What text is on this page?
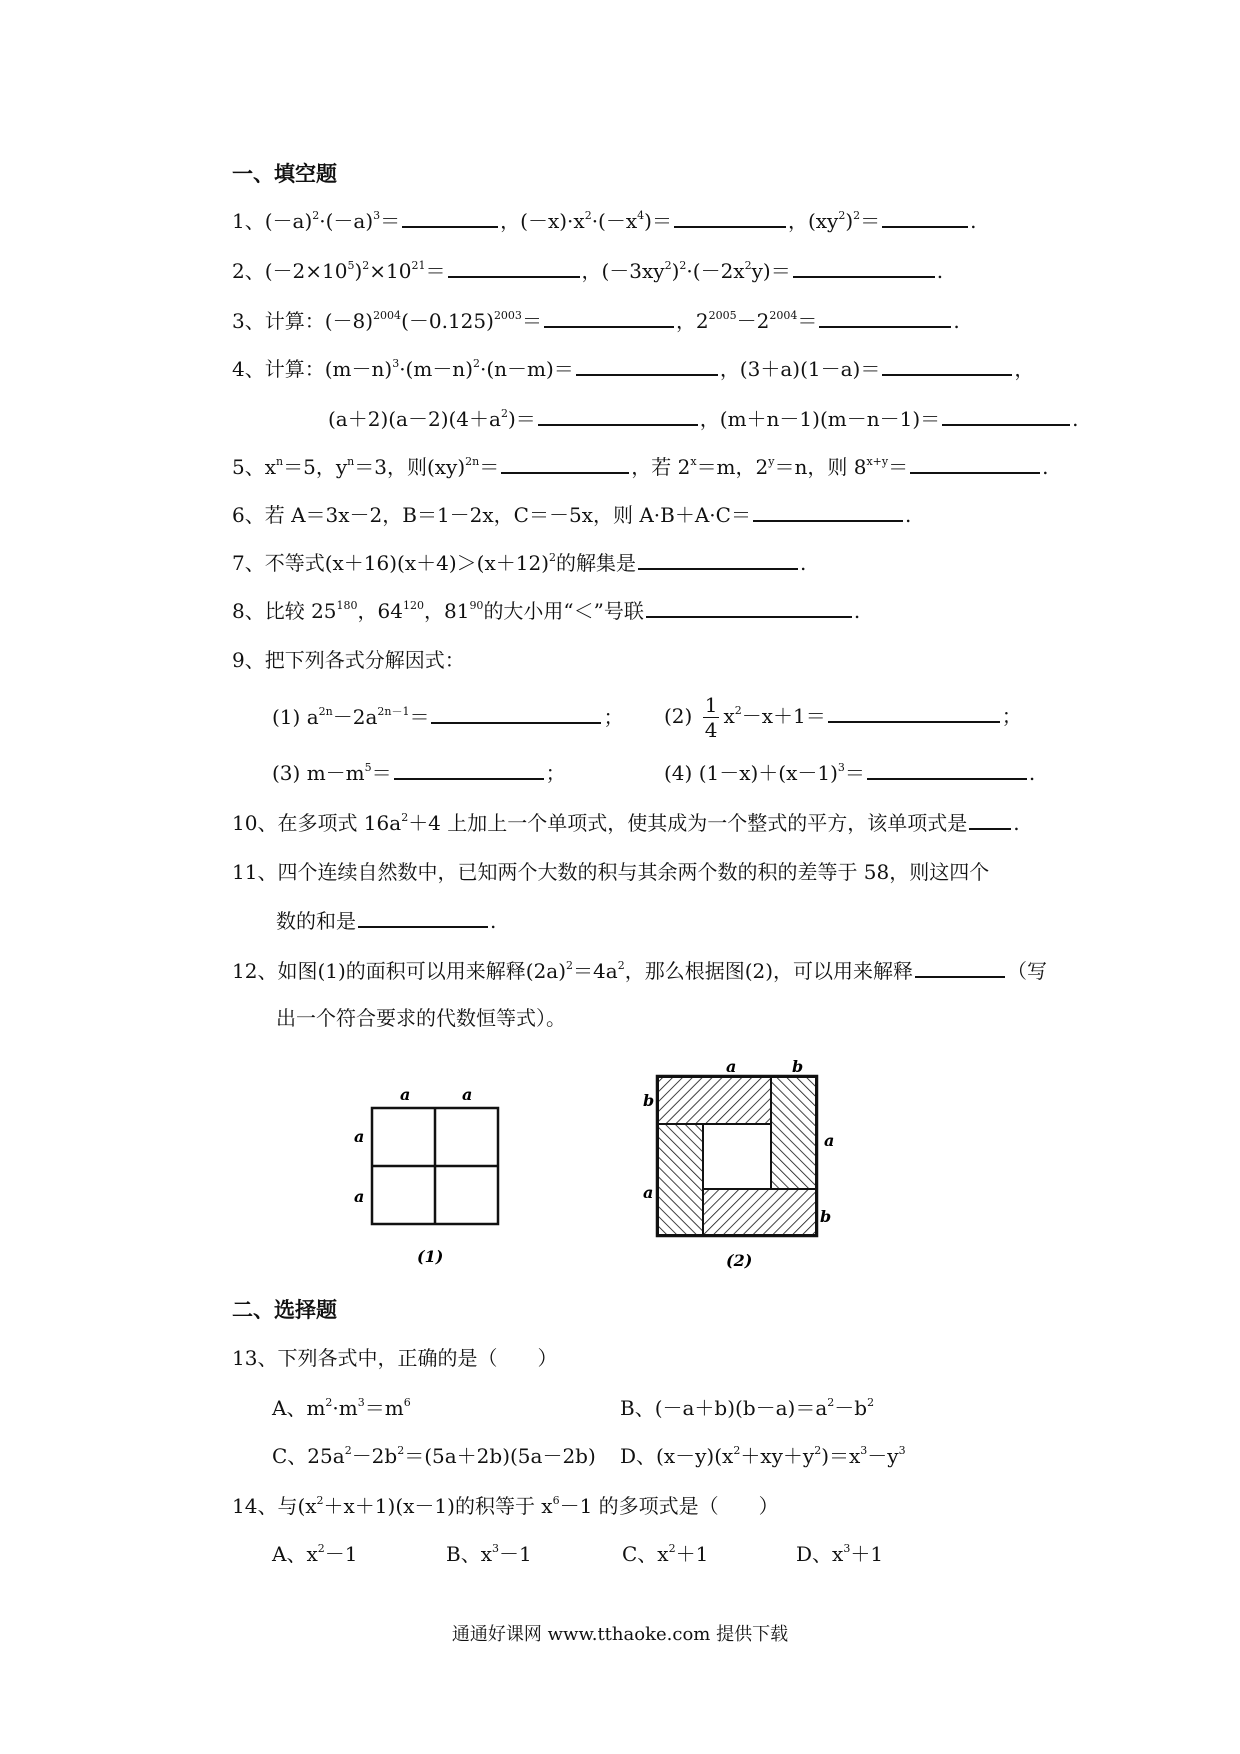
一、填空题
1、$(-a)^2\cdot(-a)^3=$	，$(-x)\cdot x^2\cdot(-x^4)=$	，$(xy^2)^2=$	.
2、$(-2\times 10^5)^2\times 10^{21}=$	，$(-3xy^2)^2\cdot(-2x^2y)=$	.
3、计算：$(-8)^{2004}(-0.125)^{2003}=$	，$2^{2005}-2^{2004}=$	.
4、计算：$(m-n)^3\cdot(m-n)^2\cdot(n-m)=$	，(3＋a)(1－a)＝	，
$(a+2)(a-2)(4+a^2)=$	，(m＋n－1)(m－n－1)＝	.
5、$x^n=5$，$y^n=3$，则(xy)$^{2n}$＝	，若 $2^x=m$，$2^y=n$，则 $8^{x+y}=$	.
6、若 A＝3x－2，B＝1－2x，C＝－5x，则 A·B＋A·C＝	.
7、不等式$(x+16)(x+4)>(x+12)^2$的解集是	.
8、比较 $25^{180}$，$64^{120}$，$81^{90}$的大小用“＜”号联	.
9、把下列各式分解因式：
(1) $a^{2n}-2a^{2n-1}=$	； $(2) \frac{1}{4} x^2-x+1=$	；
(3) $m-m^5=$	；	(4) $(1-x)+(x-1)^3=$	.
10、在多项式 $16a^2+4$ 上加上一个单项式，使其成为一个整式的平方，该单项式是 .
11、四个连续自然数中，已知两个大数的积与其余两个数的积的差等于 58，则这四个
数的和是	.
12、如图(1)的面积可以用来解释$(2a)^2=4a^2$，那么根据图(2)，可以用来解释	（写
出一个符合要求的代数恒等式）。
a	a
a
a
(1)
a	b
b
a
a
b
(2)
二、选择题
13、下列各式中，正确的是（　　）
A、$m^2\cdot m^3=m^6$	B、$(-a+b)(b-a)=a^2-b^2$
C、$25a^2-2b^2=(5a+2b)(5a-2b)$ D、$(x-y)(x^2+xy+y^2)=x^3-y^3$
14、与$(x^2+x+1)(x-1)$的积等于 $x^6-1$ 的多项式是（　　）
A、$x^2-1$	B、$x^3-1$	C、$x^2+1$	D、$x^3+1$
通通好课网 www.tthaoke.com 提供下载
